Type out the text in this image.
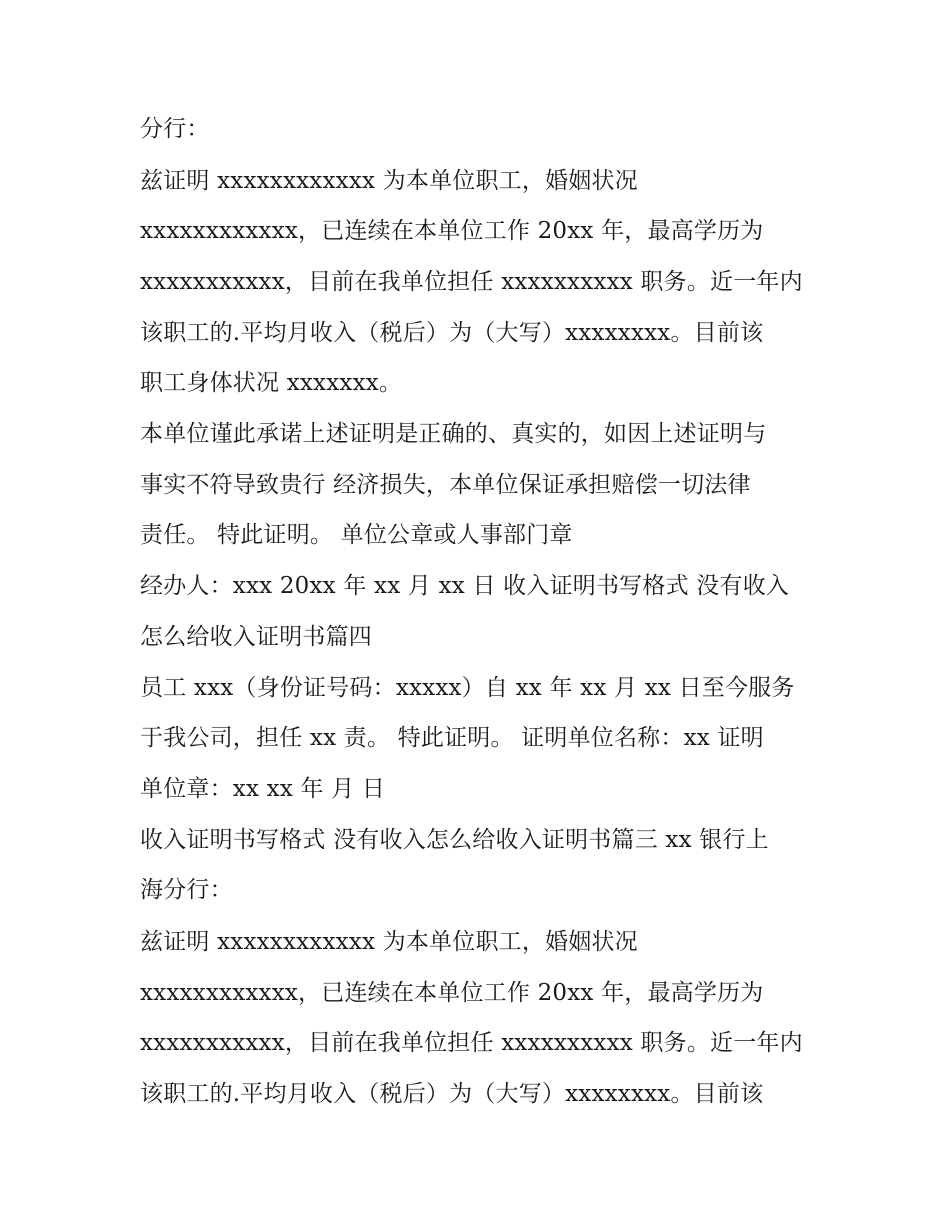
分行：
兹证明 xxxxxxxxxxxx 为本单位职工，婚姻状况
xxxxxxxxxxxx，已连续在本单位工作 20xx 年，最高学历为
xxxxxxxxxxx，目前在我单位担任 xxxxxxxxxx 职务。近一年内
该职工的.平均月收入（税后）为（大写）xxxxxxxx。目前该
职工身体状况 xxxxxxx。
本单位谨此承诺上述证明是正确的、真实的，如因上述证明与
事实不符导致贵行 经济损失，本单位保证承担赔偿一切法律
责任。 特此证明。 单位公章或人事部门章
经办人：xxx 20xx 年 xx 月 xx 日 收入证明书写格式 没有收入
怎么给收入证明书篇四
员工 xxx（身份证号码：xxxxx）自 xx 年 xx 月 xx 日至今服务
于我公司，担任 xx 责。 特此证明。 证明单位名称：xx 证明
单位章：xx xx 年 月 日
收入证明书写格式 没有收入怎么给收入证明书篇三 xx 银行上
海分行：
兹证明 xxxxxxxxxxxx 为本单位职工，婚姻状况
xxxxxxxxxxxx，已连续在本单位工作 20xx 年，最高学历为
xxxxxxxxxxx，目前在我单位担任 xxxxxxxxxx 职务。近一年内
该职工的.平均月收入（税后）为（大写）xxxxxxxx。目前该
